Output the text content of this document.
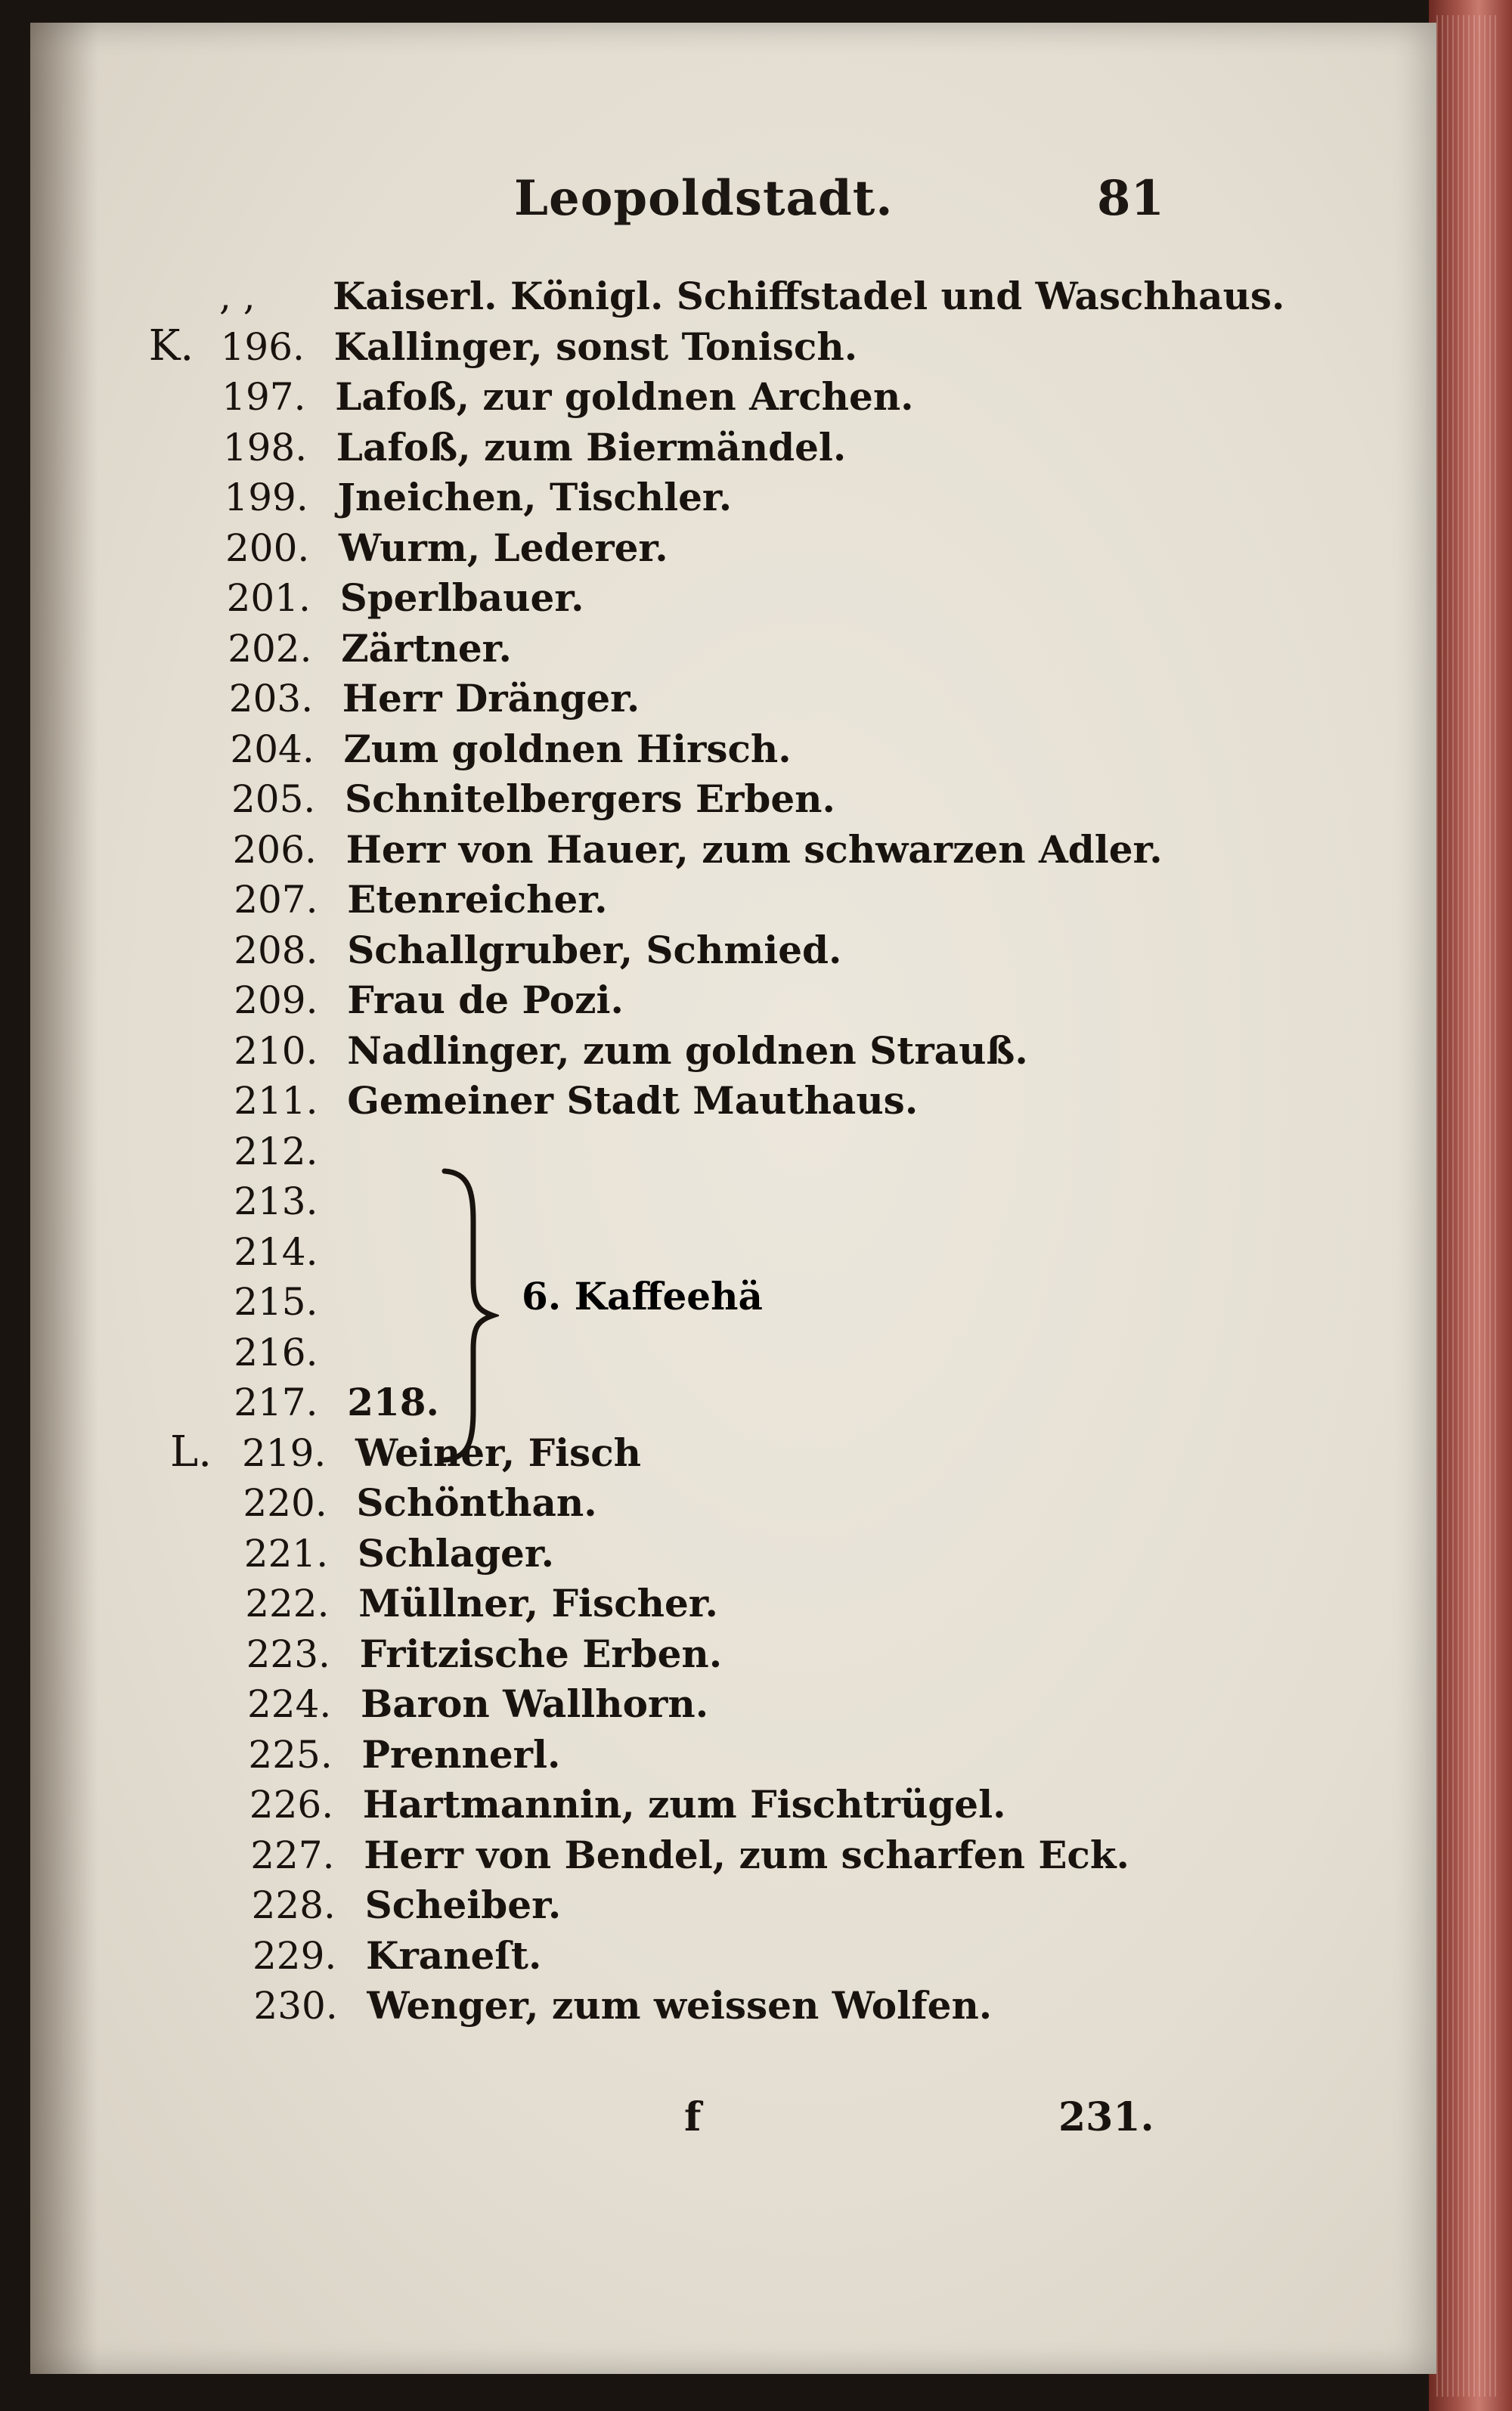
Leopoldstadt.	81
, , Kaiserl. Königl. Schiffstadel und Waschhaus.
K. 196. Kallinger, sonst Tonisch.
197. Lafoß, zur goldnen Archen.
198. Lafoß, zum Biermändel.
199. Jneichen, Tischler.
200. Wurm, Lederer.
201. Sperlbauer.
202. Zärtner.
203. Herr Dränger.
204. Zum goldnen Hirsch.
205. Schnitelbergers Erben.
206. Herr von Hauer, zum schwarzen Adler.
207. Etenreicher.
208. Schallgruber, Schmied.
209. Frau de Pozi.
210. Nadlinger, zum goldnen Strauß.
211. Gemeiner Stadt Mauthaus.
212.
213.
214.
215.
216.
217. 218.
L. 219. Weiner, Fisch
220. Schönthan.
221. Schlager.
222. Müllner, Fischer.
223. Fritzische Erben.
224. Baron Wallhorn.
225. Prennerl.
226. Hartmannin, zum Fischtrügel.
227. Herr von Bendel, zum scharfen Eck.
228. Scheiber.
229. Kraneſt.
230. Wenger, zum weissen Wolfen.
6. Kaffeehä
f	231.
